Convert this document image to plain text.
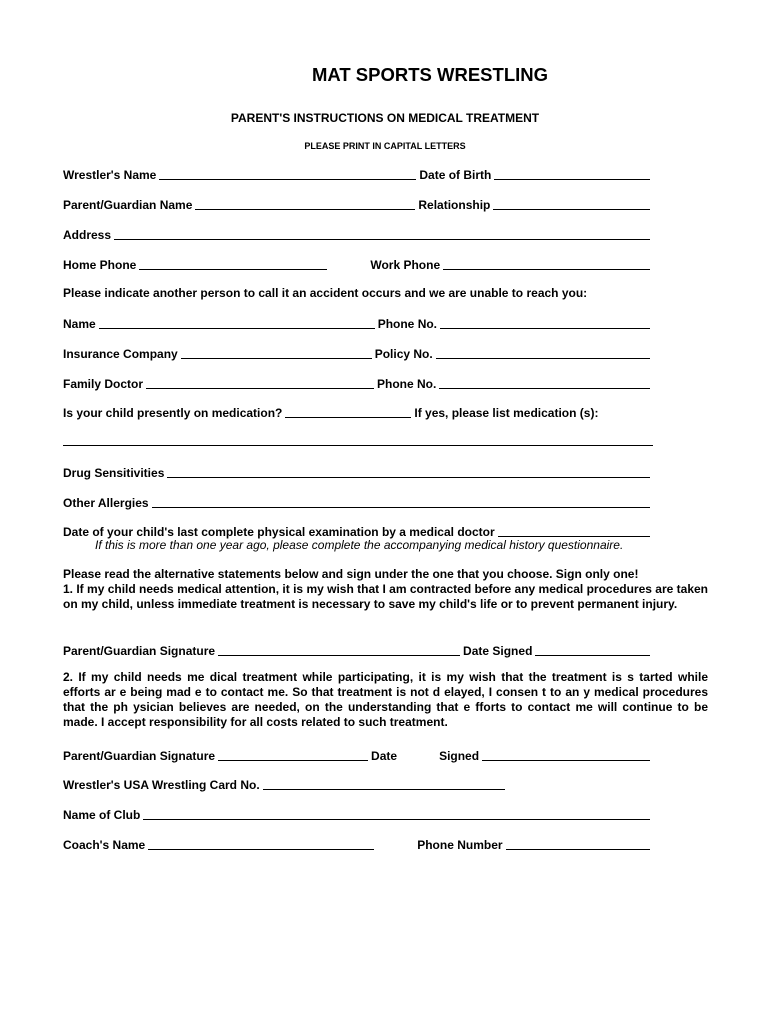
MAT SPORTS WRESTLING
PARENT'S INSTRUCTIONS ON MEDICAL TREATMENT
PLEASE PRINT IN CAPITAL LETTERS
Wrestler's Name	Date of Birth
Parent/Guardian Name	Relationship
Address
Home Phone	Work Phone
Please indicate another person to call it an accident occurs and we are unable to reach you:
Name	Phone No.
Insurance Company	Policy No.
Family Doctor	Phone No.
Is your child presently on medication?	If yes, please list medication (s):
Drug Sensitivities
Other Allergies
Date of your child's last complete physical examination by a medical doctor
If this is more than one year ago, please complete the accompanying medical history questionnaire.
Please read the alternative statements below and sign under the one that you choose. Sign only one!
1. If my child needs medical attention, it is my wish that I am contracted before any medical procedures are taken on my child, unless immediate treatment is necessary to save my child's life or to prevent permanent injury.
Parent/Guardian Signature	Date Signed
2. If my child needs me dical treatment while participating, it is my wish that the treatment is s tarted while efforts ar e being mad e to contact me. So that treatment is not d elayed, I consen t to an y medical procedures that the ph ysician believes are needed, on the understanding that e fforts to contact me will continue to be made. I accept responsibility for all costs related to such treatment.
Parent/Guardian Signature	Date	Signed
Wrestler's USA Wrestling Card No.
Name of Club
Coach's Name	Phone Number
